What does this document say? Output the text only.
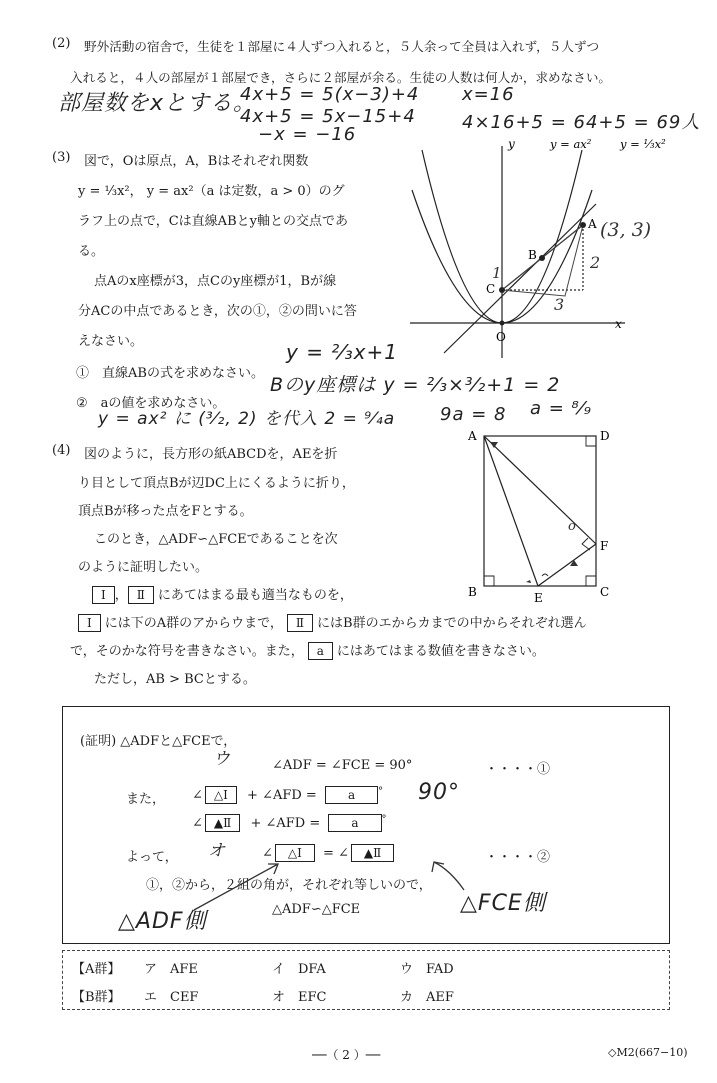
(2) 野外活動の宿舎で，生徒を１部屋に４人ずつ入れると，５人余って全員は入れず，５人ずつ
入れると，４人の部屋が１部屋でき，さらに２部屋が余る。生徒の人数は何人か，求めなさい。
部屋数をxとする。
4x+5 = 5(x−3)+4
4x+5 = 5x−15+4
−x = −16
x=16
4×16+5 = 64+5 = 69人
(3) 図で，Oは原点，A，Bはそれぞれ関数
y = ¹⁄₃x²， y = ax²（a は定数，a > 0）のグ
ラフ上の点で，Cは直線ABとy軸との交点であ
る。
点Aのx座標が3，点Cのy座標が1，Bが線
分ACの中点であるとき，次の①，②の問いに答
えなさい。
①　直線ABの式を求めなさい。
②　aの値を求めなさい。
y = ²⁄₃x+1
Bのy座標は y = ²⁄₃×³⁄₂+1 = 2
y = ax² に (³⁄₂, 2) を代入 2 = ⁹⁄₄a 9a = 8 a = ⁸⁄₉
y
x
O
A
B
C
y = ax² y = ¹⁄₃x²
(3, 3)
1
2
3
(4) 図のように，長方形の紙ABCDを，AEを折
り目として頂点Bが辺DC上にくるように折り，
頂点Bが移った点をFとする。
このとき，△ADF∽△FCEであることを次
のように証明したい。
Ⅰ ， Ⅱ にあてはまる最も適当なものを，
Ⅰ には下のA群のアからウまで， Ⅱ にはB群のエからカまでの中からそれぞれ選ん
で，そのかな符号を書きなさい。また， a にはあてはまる数値を書きなさい。
ただし，AB > BCとする。
A	D
B	C
E
F
o
(証明) △ADFと△FCEで，
∠ADF = ∠FCE = 90°	・・・・①
ウ
また， ∠ △Ⅰ + ∠AFD =	a ° 90°
∠ ▲Ⅱ + ∠AFD =	a °
よって， オ	∠ △Ⅰ = ∠ ▲Ⅱ	・・・・②
①，②から，２組の角が，それぞれ等しいので，
△ADF∽△FCE
△ADF側
△FCE側
【A群】 ア　AFE	イ　DFA	ウ　FAD
【B群】 エ　CEF	オ　EFC	カ　AEF
──（ 2 ）──	◇M2(667−10)
